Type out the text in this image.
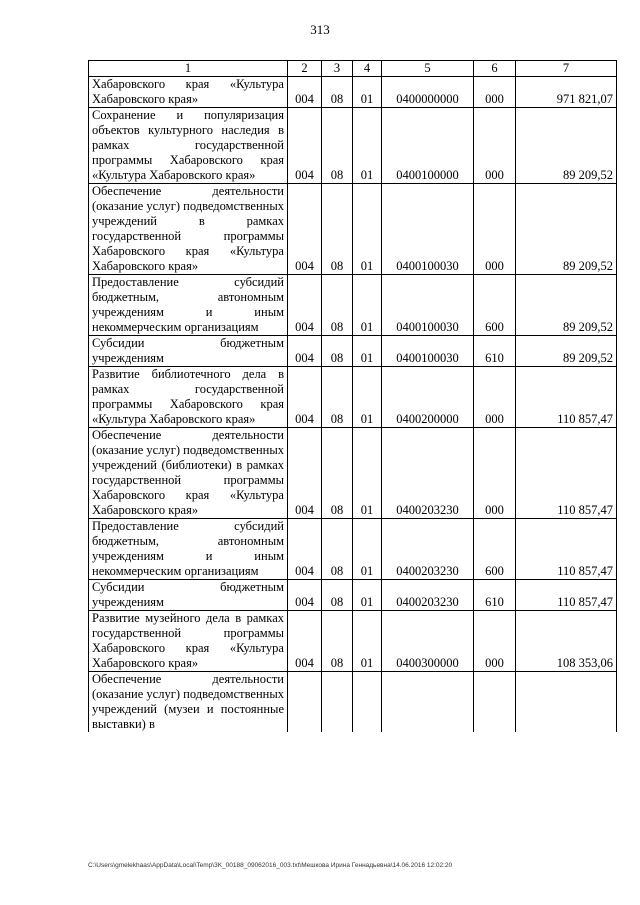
313
1	2	3	4	5	6	7
Хабаровского края «Культура Хабаровского края»	004	08	01	0400000000	000	971 821,07
Сохранение и популяризация объектов культурного наследия в рамках государственной программы Хабаровского края «Культура Хабаровского края»	004	08	01	0400100000	000	89 209,52
Обеспечение деятельности (оказание услуг) подведомственных учреждений в рамках государственной программы Хабаровского края «Культура Хабаровского края»	004	08	01	0400100030	000	89 209,52
Предоставление субсидий бюджетным, автономным учреждениям и иным некоммерческим организациям	004	08	01	0400100030	600	89 209,52
Субсидии бюджетным учреждениям	004	08	01	0400100030	610	89 209,52
Развитие библиотечного дела в рамках государственной программы Хабаровского края «Культура Хабаровского края»	004	08	01	0400200000	000	110 857,47
Обеспечение деятельности (оказание услуг) подведомственных учреждений (библиотеки) в рамках государственной программы Хабаровского края «Культура Хабаровского края»	004	08	01	0400203230	000	110 857,47
Предоставление субсидий бюджетным, автономным учреждениям и иным некоммерческим организациям	004	08	01	0400203230	600	110 857,47
Субсидии бюджетным учреждениям	004	08	01	0400203230	610	110 857,47
Развитие музейного дела в рамках государственной программы Хабаровского края «Культура Хабаровского края»	004	08	01	0400300000	000	108 353,06
Обеспечение деятельности (оказание услуг) подведомственных учреждений (музеи и постоянные выставки) в						
C:\Users\gmelekhaas\AppData\Local\Temp\3K_00188_09062016_003.txt\Мешкова Ирина Геннадьевна\14.06.2016 12:02:20
